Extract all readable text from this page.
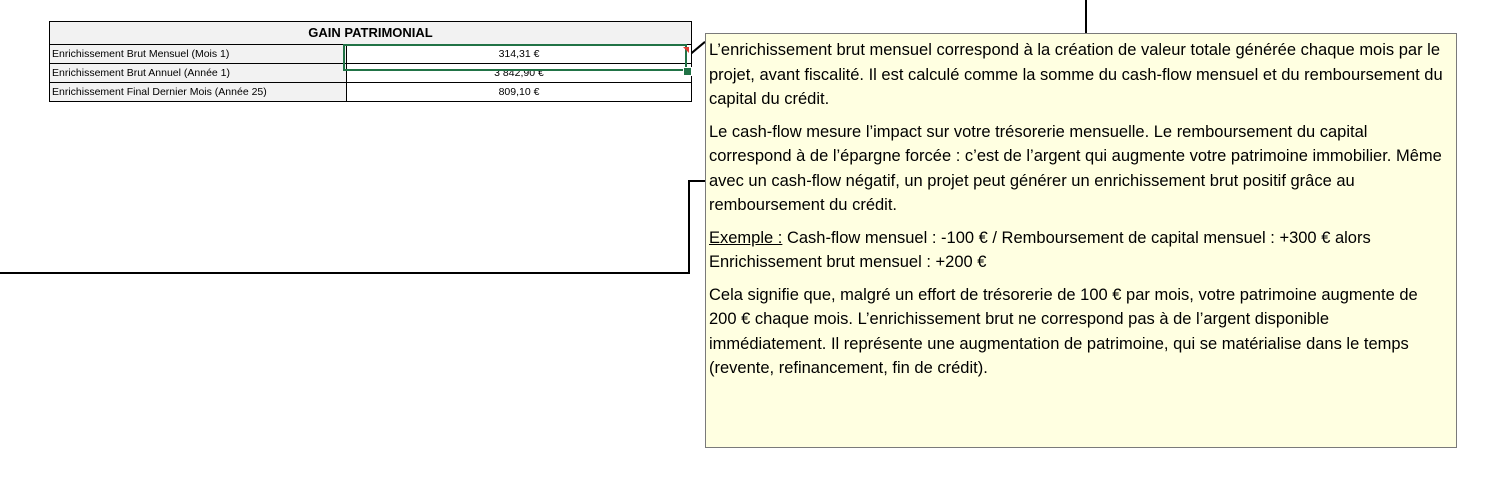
GAIN PATRIMONIAL
Enrichissement Brut Mensuel (Mois 1)	314,31 €
Enrichissement Brut Annuel (Année 1)	3 842,90 €
Enrichissement Final Dernier Mois (Année 25)	809,10 €

L’enrichissement brut mensuel correspond à la création de valeur totale générée chaque mois par le projet, avant fiscalité. Il est calculé comme la somme du cash-flow mensuel et du remboursement du capital du crédit.

Le cash-flow mesure l’impact sur votre trésorerie mensuelle. Le remboursement du capital correspond à de l’épargne forcée : c’est de l’argent qui augmente votre patrimoine immobilier. Même avec un cash-flow négatif, un projet peut générer un enrichissement brut positif grâce au remboursement du crédit.

Exemple : Cash-flow mensuel : -100 € / Remboursement de capital mensuel : +300 € alors Enrichissement brut mensuel : +200 €

Cela signifie que, malgré un effort de trésorerie de 100 € par mois, votre patrimoine augmente de 200 € chaque mois. L’enrichissement brut ne correspond pas à de l’argent disponible immédiatement. Il représente une augmentation de patrimoine, qui se matérialise dans le temps (revente, refinancement, fin de crédit).
